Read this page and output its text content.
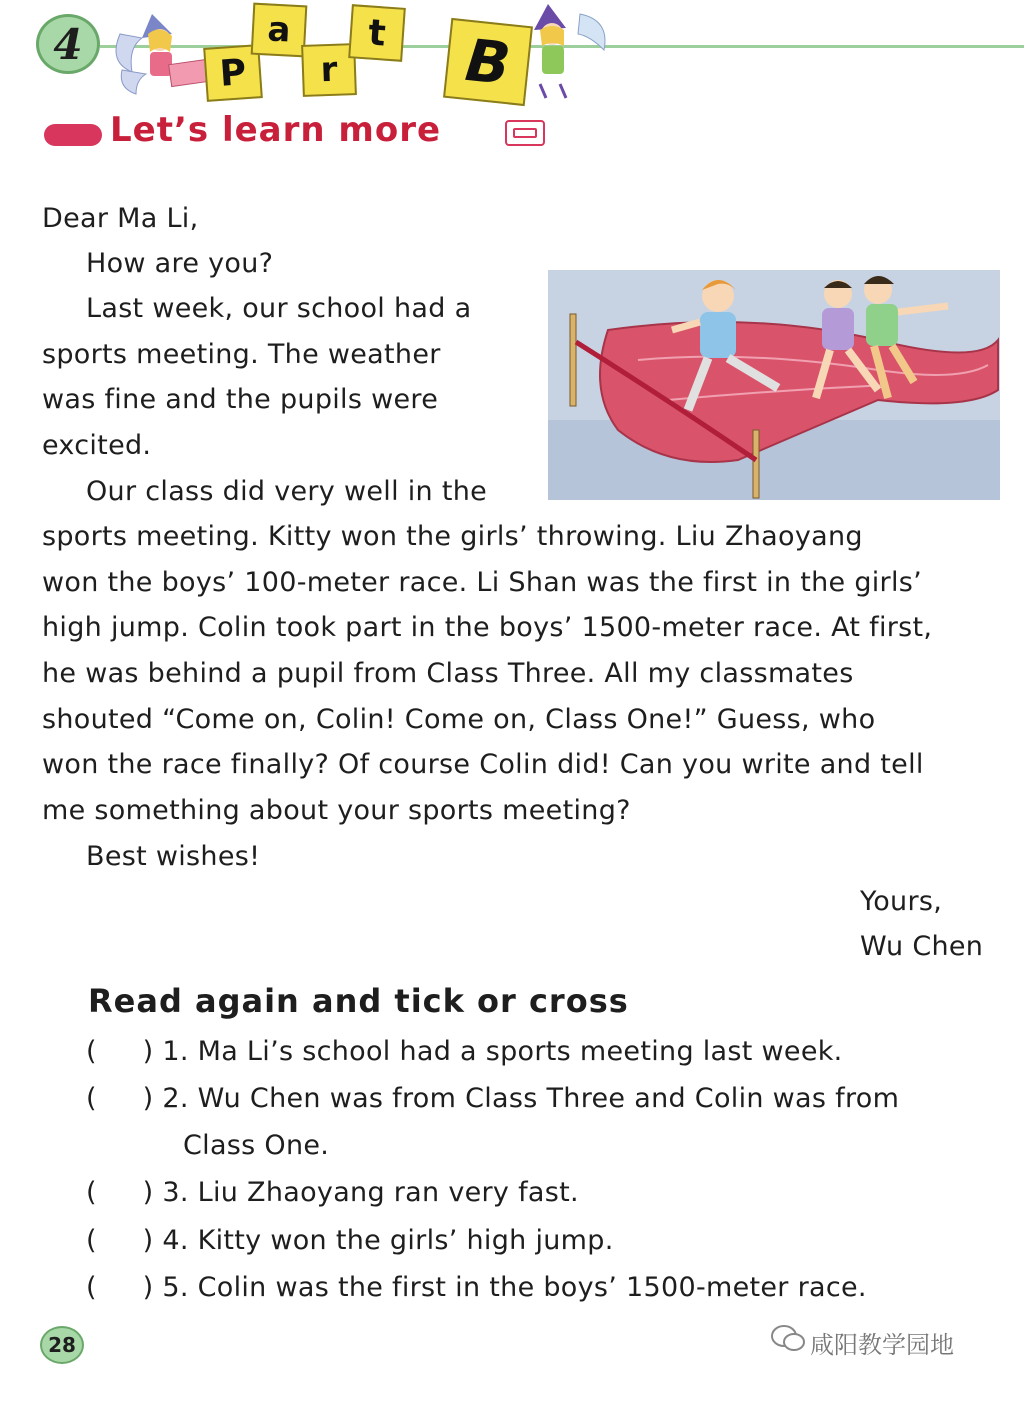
4
P
a
r
t	B
Let’s learn more
Dear Ma Li,
How are you?
Last week, our school had a
sports meeting. The weather
was fine and the pupils were
excited.
Our class did very well in the
sports meeting. Kitty won the girls’ throwing. Liu Zhaoyang
won the boys’ 100-meter race. Li Shan was the first in the girls’
high jump. Colin took part in the boys’ 1500-meter race. At first,
he was behind a pupil from Class Three. All my classmates
shouted “Come on, Colin! Come on, Class One!” Guess, who
won the race finally? Of course Colin did! Can you write and tell
me something about your sports meeting?
Best wishes!
Yours,
Wu Chen
Read again and tick or cross
( ) 1. Ma Li’s school had a sports meeting last week.
( ) 2. Wu Chen was from Class Three and Colin was from
Class One.
( ) 3. Liu Zhaoyang ran very fast.
( ) 4. Kitty won the girls’ high jump.
( ) 5. Colin was the first in the boys’ 1500-meter race.
28	咸阳教学园地
